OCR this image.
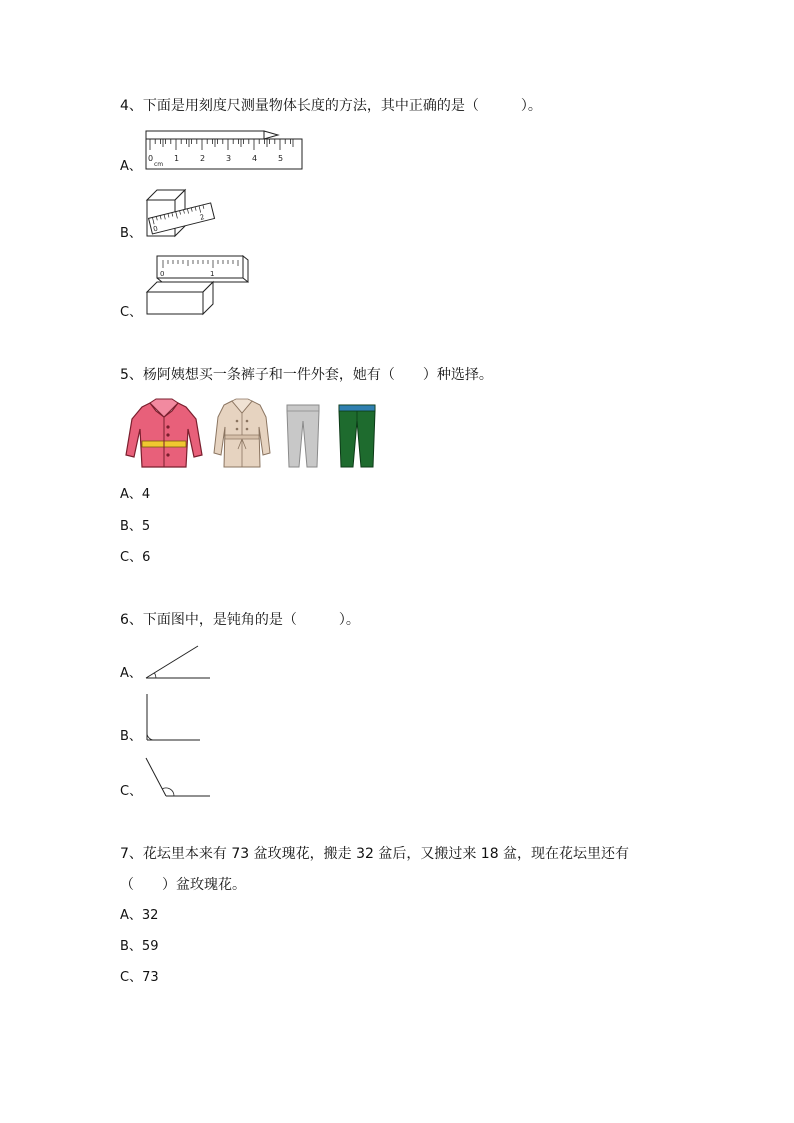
4、下面是用刻度尺测量物体长度的方法，其中正确的是（　　　）。
A、
0
cm
1	2	3	4	5
B、 0
2
C、
0	1
5、杨阿姨想买一条裤子和一件外套，她有（　　）种选择。
A、4
B、5
C、6
6、下面图中，是钝角的是（　　　）。
A、
B、
C、
7、花坛里本来有 73 盆玫瑰花，搬走 32 盆后，又搬过来 18 盆，现在花坛里还有
（　　）盆玫瑰花。
A、32
B、59
C、73
